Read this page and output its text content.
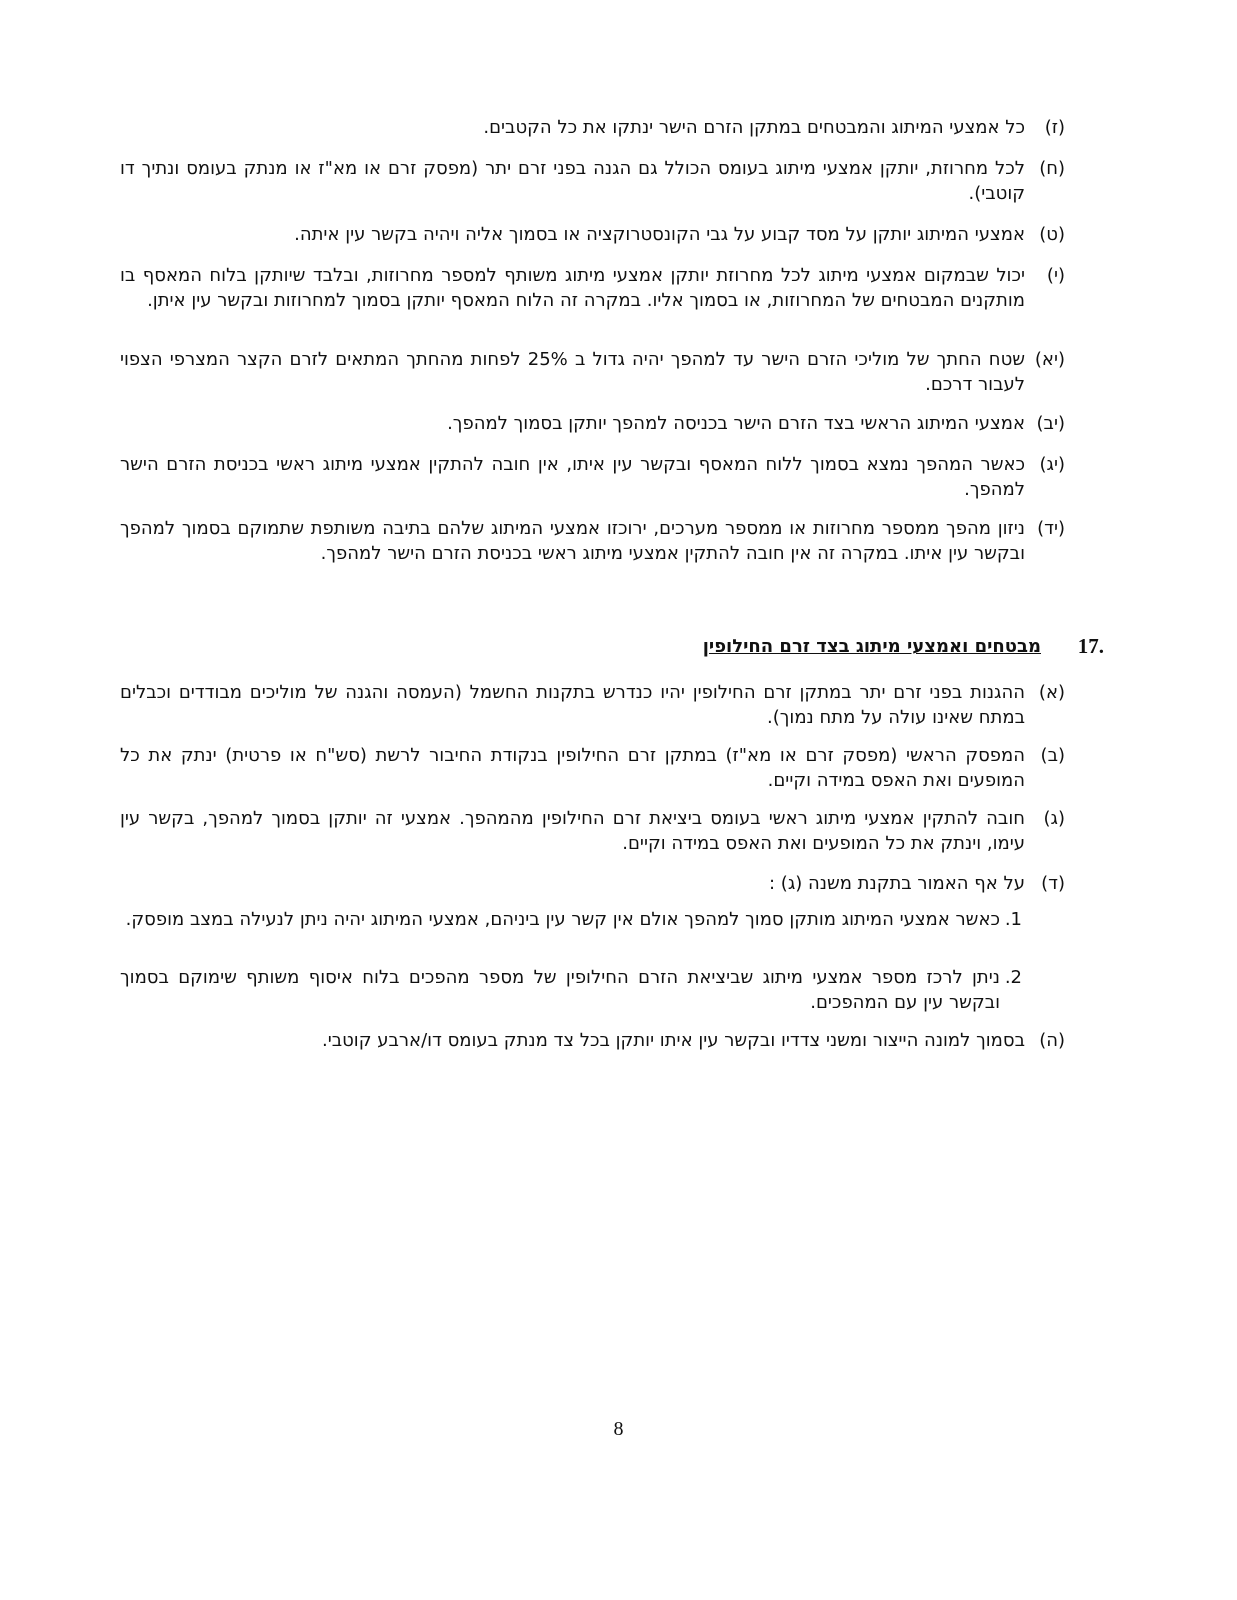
(ז)
כל אמצעי המיתוג והמבטחים במתקן הזרם הישר ינתקו את כל הקטבים.
(ח)
לכל מחרוזת, יותקן אמצעי מיתוג בעומס הכולל גם הגנה בפני זרם יתר (מפסק זרם או מא"ז או מנתק בעומס ונתיך דו קוטבי).
(ט)
אמצעי המיתוג יותקן על מסד קבוע על גבי הקונסטרוקציה או בסמוך אליה ויהיה בקשר עין איתה.
(י)
יכול שבמקום אמצעי מיתוג לכל מחרוזת יותקן אמצעי מיתוג משותף למספר מחרוזות, ובלבד שיותקן בלוח המאסף בו מותקנים המבטחים של המחרוזות, או בסמוך אליו. במקרה זה הלוח המאסף יותקן בסמוך למחרוזות ובקשר עין איתן.
(יא)
שטח החתך של מוליכי הזרם הישר עד למהפך יהיה גדול ב 25% לפחות מהחתך המתאים לזרם הקצר המצרפי הצפוי לעבור דרכם.
(יב)
אמצעי המיתוג הראשי בצד הזרם הישר בכניסה למהפך יותקן בסמוך למהפך.
(יג)
כאשר המהפך נמצא בסמוך ללוח המאסף ובקשר עין איתו, אין חובה להתקין אמצעי מיתוג ראשי בכניסת הזרם הישר למהפך.
(יד)
ניזון מהפך ממספר מחרוזות או ממספר מערכים, ירוכזו אמצעי המיתוג שלהם בתיבה משותפת שתמוקם בסמוך למהפך ובקשר עין איתו. במקרה זה אין חובה להתקין אמצעי מיתוג ראשי בכניסת הזרם הישר למהפך.
17.
מבטחים ואמצעי מיתוג בצד זרם החילופין
(א)
ההגנות בפני זרם יתר במתקן זרם החילופין יהיו כנדרש בתקנות החשמל (העמסה והגנה של מוליכים מבודדים וכבלים במתח שאינו עולה על מתח נמוך).
(ב)
המפסק הראשי (מפסק זרם או מא"ז) במתקן זרם החילופין בנקודת החיבור לרשת (סש"ח או פרטית) ינתק את כל המופעים ואת האפס במידה וקיים.
(ג)
חובה להתקין אמצעי מיתוג ראשי בעומס ביציאת זרם החילופין מהמהפך. אמצעי זה יותקן בסמוך למהפך, בקשר עין עימו, וינתק את כל המופעים ואת האפס במידה וקיים.
(ד)
על אף האמור בתקנת משנה (ג) :
1.
כאשר אמצעי המיתוג מותקן סמוך למהפך אולם אין קשר עין ביניהם, אמצעי המיתוג יהיה ניתן לנעילה במצב מופסק.
2.
ניתן לרכז מספר אמצעי מיתוג שביציאת הזרם החילופין של מספר מהפכים בלוח איסוף משותף שימוקם בסמוך ובקשר עין עם המהפכים.
(ה)
בסמוך למונה הייצור ומשני צדדיו ובקשר עין איתו יותקן בכל צד מנתק בעומס דו/ארבע קוטבי.
8
